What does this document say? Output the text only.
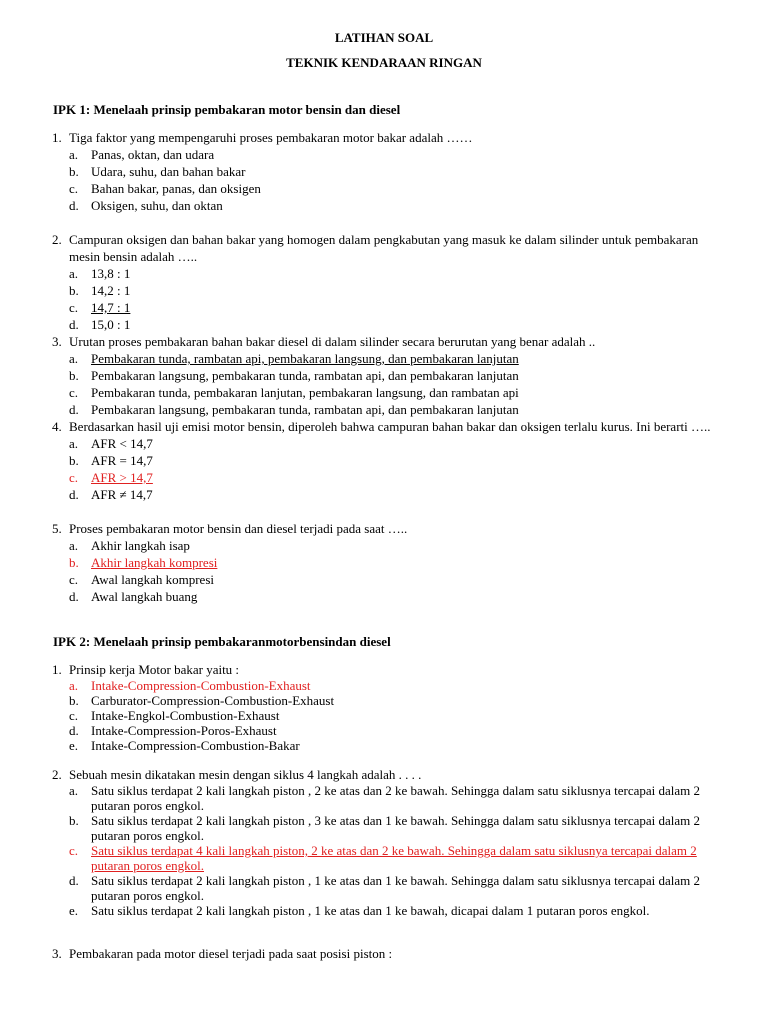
LATIHAN SOAL
TEKNIK KENDARAAN RINGAN
IPK 1: Menelaah prinsip pembakaran motor bensin dan diesel
1. Tiga faktor yang mempengaruhi proses pembakaran motor bakar adalah ……
a. Panas, oktan, dan udara
b. Udara, suhu, dan bahan bakar
c. Bahan bakar, panas, dan oksigen
d. Oksigen, suhu, dan oktan
2. Campuran oksigen dan bahan bakar yang homogen dalam pengkabutan yang masuk ke dalam silinder untuk pembakaran mesin bensin adalah …..
a. 13,8 : 1
b. 14,2 : 1
c. 14,7 : 1
d. 15,0 : 1
3. Urutan proses pembakaran bahan bakar diesel di dalam silinder secara berurutan yang benar adalah ..
a. Pembakaran tunda, rambatan api, pembakaran langsung, dan pembakaran lanjutan
b. Pembakaran langsung, pembakaran tunda, rambatan api, dan pembakaran lanjutan
c. Pembakaran tunda, pembakaran lanjutan, pembakaran langsung, dan rambatan api
d. Pembakaran langsung, pembakaran tunda, rambatan api, dan pembakaran lanjutan
4. Berdasarkan hasil uji emisi motor bensin, diperoleh bahwa campuran bahan bakar dan oksigen terlalu kurus. Ini berarti …..
a. AFR < 14,7
b. AFR = 14,7
c. AFR > 14,7
d. AFR ≠ 14,7
5. Proses pembakaran motor bensin dan diesel terjadi pada saat …..
a. Akhir langkah isap
b. Akhir langkah kompresi
c. Awal langkah kompresi
d. Awal langkah buang
IPK 2: Menelaah prinsip pembakaranmotorbensindan diesel
1. Prinsip kerja Motor bakar yaitu :
a. Intake-Compression-Combustion-Exhaust
b. Carburator-Compression-Combustion-Exhaust
c. Intake-Engkol-Combustion-Exhaust
d. Intake-Compression-Poros-Exhaust
e. Intake-Compression-Combustion-Bakar
2. Sebuah mesin dikatakan mesin dengan siklus 4 langkah adalah . . . .
a. Satu siklus terdapat 2 kali langkah piston , 2 ke atas dan 2 ke bawah. Sehingga dalam satu siklusnya tercapai dalam 2 putaran poros engkol.
b. Satu siklus terdapat 2 kali langkah piston , 3 ke atas dan 1 ke bawah. Sehingga dalam satu siklusnya tercapai dalam 2 putaran poros engkol.
c. Satu siklus terdapat 4 kali langkah piston, 2 ke atas dan 2 ke bawah. Sehingga dalam satu siklusnya tercapai dalam 2 putaran poros engkol.
d. Satu siklus terdapat 2 kali langkah piston , 1 ke atas dan 1 ke bawah. Sehingga dalam satu siklusnya tercapai dalam 2 putaran poros engkol.
e. Satu siklus terdapat 2 kali langkah piston , 1 ke atas dan 1 ke bawah, dicapai dalam 1 putaran poros engkol.
3. Pembakaran pada motor diesel terjadi pada saat posisi piston :
